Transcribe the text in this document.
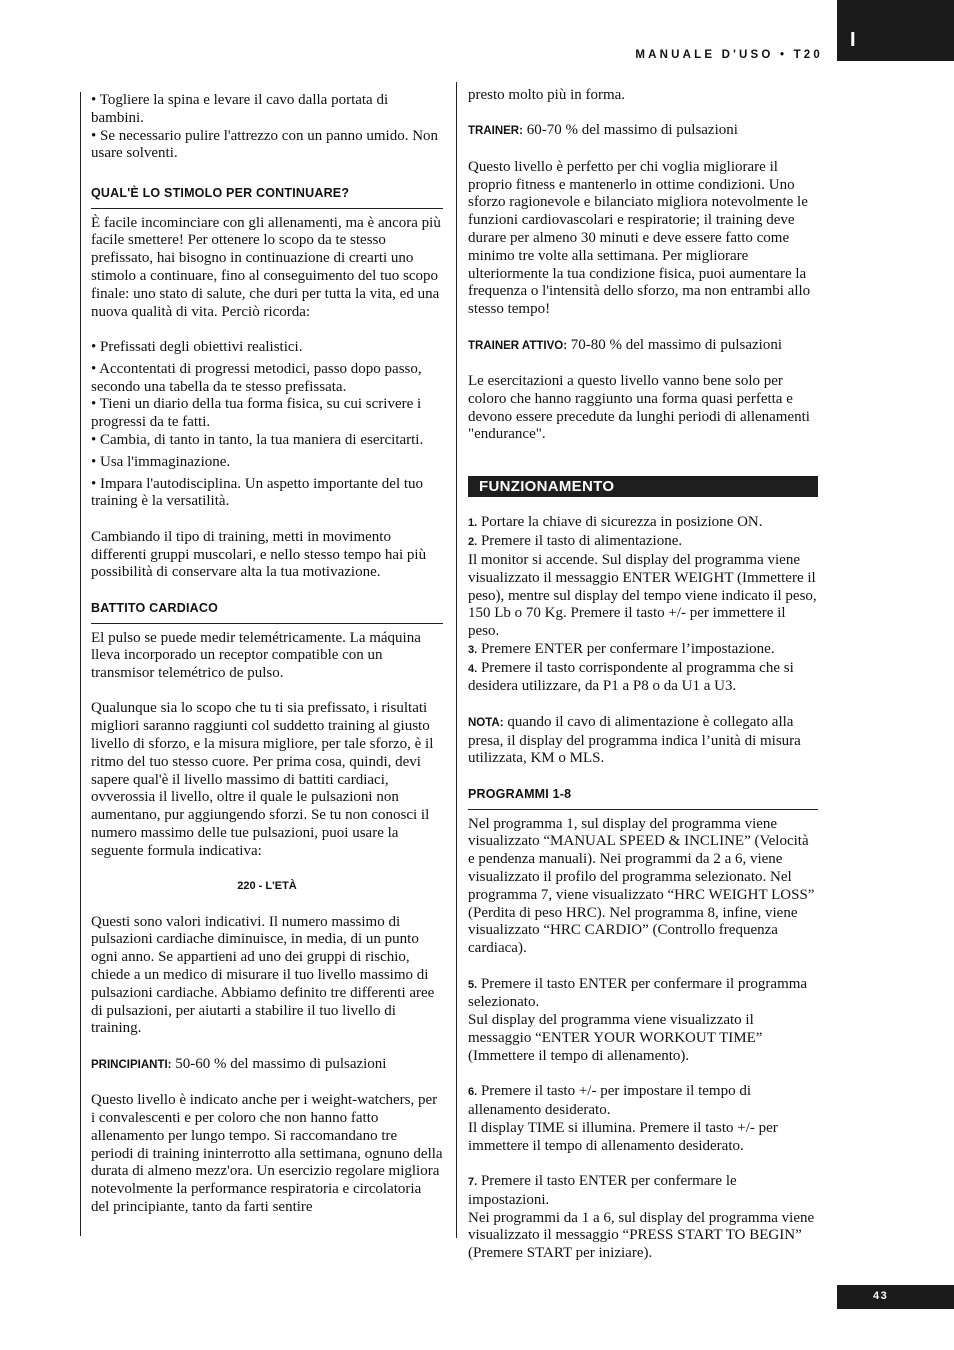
I
MANUALE D'USO • T20

• Togliere la spina e levare il cavo dalla portata di bambini.

• Se necessario pulire l'attrezzo con un panno umido. Non usare solventi.

QUAL'È LO STIMOLO PER CONTINUARE?

È facile incominciare con gli allenamenti, ma è ancora più facile smettere! Per ottenere lo scopo da te stesso prefissato, hai bisogno in continuazione di crearti uno stimolo a continuare, fino al conseguimento del tuo scopo finale: uno stato di salute, che duri per tutta la vita, ed una nuova qualità di vita. Perciò ricorda:

• Prefissati degli obiettivi realistici.

• Accontentati di progressi metodici, passo dopo passo, secondo una tabella da te stesso prefissata.

• Tieni un diario della tua forma fisica, su cui scrivere i progressi da te fatti.

• Cambia, di tanto in tanto, la tua maniera di esercitarti.

• Usa l'immaginazione.

• Impara l'autodisciplina. Un aspetto importante del tuo training è la versatilità.

Cambiando il tipo di training, metti in movimento differenti gruppi muscolari, e nello stesso tempo hai più possibilità di conservare alta la tua motivazione.

BATTITO CARDIACO

El pulso se puede medir telemétricamente. La máquina lleva incorporado un receptor compatible con un transmisor telemétrico de pulso.

Qualunque sia lo scopo che tu ti sia prefissato, i risultati migliori saranno raggiunti col suddetto training al giusto livello di sforzo, e la misura migliore, per tale sforzo, è il ritmo del tuo stesso cuore. Per prima cosa, quindi, devi sapere qual'è il livello massimo di battiti cardiaci, ovverossia il livello, oltre il quale le pulsazioni non aumentano, pur aggiungendo sforzi. Se tu non conosci il numero massimo delle tue pulsazioni, puoi usare la seguente formula indicativa:

220 - L'ETÀ

Questi sono valori indicativi. Il numero massimo di pulsazioni cardiache diminuisce, in media, di un punto ogni anno. Se appartieni ad uno dei gruppi di rischio, chiede a un medico di misurare il tuo livello massimo di pulsazioni cardiache. Abbiamo definito tre differenti aree di pulsazioni, per aiutarti a stabilire il tuo livello di training.

PRINCIPIANTI: 50-60 % del massimo di pulsazioni

Questo livello è indicato anche per i weight-watchers, per i convalescenti e per coloro che non hanno fatto allenamento per lungo tempo. Si raccomandano tre periodi di training ininterrotto alla settimana, ognuno della durata di almeno mezz'ora. Un esercizio regolare migliora notevolmente la performance respiratoria e circolatoria del principiante, tanto da farti sentire

presto molto più in forma.

TRAINER: 60-70 % del massimo di pulsazioni

Questo livello è perfetto per chi voglia migliorare il proprio fitness e mantenerlo in ottime condizioni. Uno sforzo ragionevole e bilanciato migliora notevolmente le funzioni cardiovascolari e respiratorie; il training deve durare per almeno 30 minuti e deve essere fatto come minimo tre volte alla settimana. Per migliorare ulteriormente la tua condizione fisica, puoi aumentare la frequenza o l'intensità dello sforzo, ma non entrambi allo stesso tempo!

TRAINER ATTIVO: 70-80 % del massimo di pulsazioni

Le esercitazioni a questo livello vanno bene solo per coloro che hanno raggiunto una forma quasi perfetta e devono essere precedute da lunghi periodi di allenamenti "endurance".

FUNZIONAMENTO

1. Portare la chiave di sicurezza in posizione ON.

2. Premere il tasto di alimentazione.

Il monitor si accende. Sul display del programma viene visualizzato il messaggio ENTER WEIGHT (Immettere il peso), mentre sul display del tempo viene indicato il peso, 150 Lb o 70 Kg. Premere il tasto +/- per immettere il peso.

3. Premere ENTER per confermare l’impostazione.

4. Premere il tasto corrispondente al programma che si desidera utilizzare, da P1 a P8 o da U1 a U3.

NOTA: quando il cavo di alimentazione è collegato alla presa, il display del programma indica l’unità di misura utilizzata, KM o MLS.

PROGRAMMI 1-8

Nel programma 1, sul display del programma viene visualizzato “MANUAL SPEED & INCLINE” (Velocità e pendenza manuali). Nei programmi da 2 a 6, viene visualizzato il profilo del programma selezionato. Nel programma 7, viene visualizzato “HRC WEIGHT LOSS” (Perdita di peso HRC). Nel programma 8, infine, viene visualizzato “HRC CARDIO” (Controllo frequenza cardiaca).

5. Premere il tasto ENTER per confermare il programma selezionato.

Sul display del programma viene visualizzato il messaggio “ENTER YOUR WORKOUT TIME” (Immettere il tempo di allenamento).

6. Premere il tasto +/- per impostare il tempo di allenamento desiderato.

Il display TIME si illumina. Premere il tasto +/- per immettere il tempo di allenamento desiderato.

7. Premere il tasto ENTER per confermare le impostazioni.

Nei programmi da 1 a 6, sul display del programma viene visualizzato il messaggio “PRESS START TO BEGIN” (Premere START per iniziare).

43
